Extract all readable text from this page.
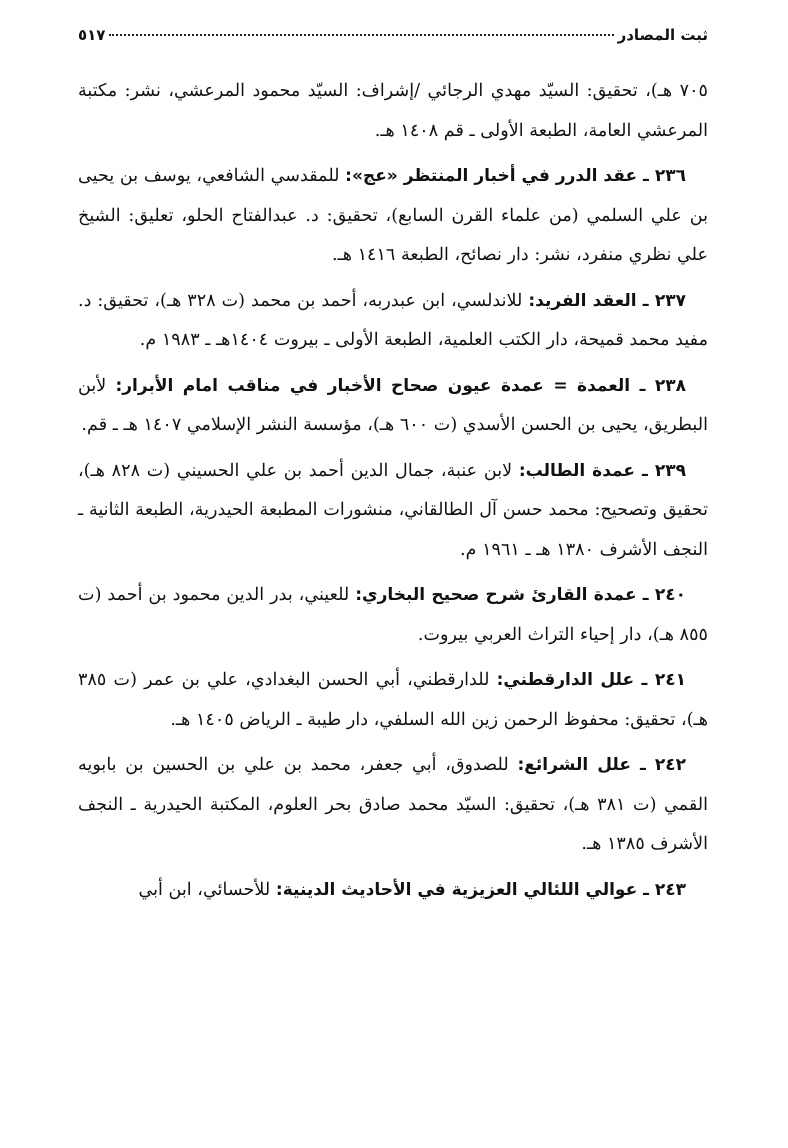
ثبت المصادر
٥١٧

٧٠٥ هـ)، تحقيق: السيّد مهدي الرجائي /إشراف: السيّد محمود المرعشي، نشر: مكتبة المرعشي العامة، الطبعة الأولى ـ قم ١٤٠٨ هـ.

٢٣٦ ـ عقد الدرر في أخبار المنتظر «عج»: للمقدسي الشافعي، يوسف بن يحيى بن علي السلمي (من علماء القرن السابع)، تحقيق: د. عبدالفتاح الحلو، تعليق: الشيخ علي نظري منفرد، نشر: دار نصائح، الطبعة ١٤١٦ هـ.

٢٣٧ ـ العقد الفريد: للاندلسي، ابن عبدربه، أحمد بن محمد (ت ٣٢٨ هـ)، تحقيق: د. مفيد محمد قميحة، دار الكتب العلمية، الطبعة الأولى ـ بيروت ١٤٠٤هـ ـ ١٩٨٣ م.

٢٣٨ ـ العمدة = عمدة عيون صحاح الأخبار في مناقب امام الأبرار: لأبن البطريق، يحيى بن الحسن الأسدي (ت ٦٠٠ هـ)، مؤسسة النشر الإسلامي ١٤٠٧ هـ ـ قم.

٢٣٩ ـ عمدة الطالب: لابن عنبة، جمال الدين أحمد بن علي الحسيني (ت ٨٢٨ هـ)، تحقيق وتصحيح: محمد حسن آل الطالقاني، منشورات المطبعة الحيدرية، الطبعة الثانية ـ النجف الأشرف ١٣٨٠ هـ ـ ١٩٦١ م.

٢٤٠ ـ عمدة القارئ شرح صحيح البخاري: للعيني، بدر الدين محمود بن أحمد (ت ٨٥٥ هـ)، دار إحياء التراث العربي بيروت.

٢٤١ ـ علل الدارقطني: للدارقطني، أبي الحسن البغدادي، علي بن عمر (ت ٣٨٥ هـ)، تحقيق: محفوظ الرحمن زين الله السلفي، دار طيبة ـ الرياض ١٤٠٥ هـ.

٢٤٢ ـ علل الشرائع: للصدوق، أبي جعفر، محمد بن علي بن الحسين بن بابويه القمي (ت ٣٨١ هـ)، تحقيق: السيّد محمد صادق بحر العلوم، المكتبة الحيدرية ـ النجف الأشرف ١٣٨٥ هـ.

٢٤٣ ـ عوالي اللئالي العزيزية في الأحاديث الدينية: للأحسائي، ابن أبي
